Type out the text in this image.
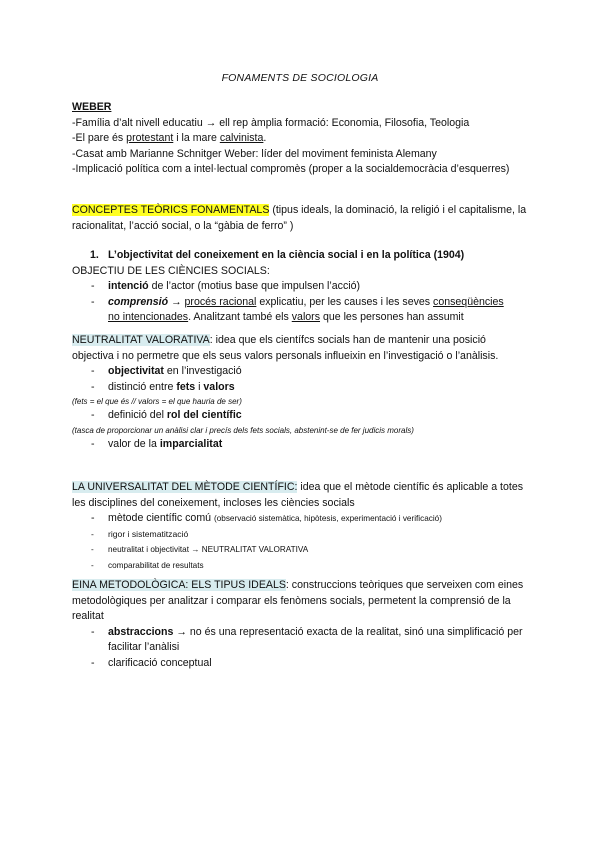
FONAMENTS DE SOCIOLOGIA
WEBER
-Família d’alt nivell educatiu → ell rep àmplia formació: Economia, Filosofia, Teologia
-El pare és protestant i la mare calvinista.
-Casat amb Marianne Schnitger Weber: líder del moviment feminista Alemany
-Implicació política com a intel·lectual compromès (proper a la socialdemocràcia d’esquerres)
CONCEPTES TEÒRICS FONAMENTALS (tipus ideals, la dominació, la religió i el capitalisme, la racionalitat, l’acció social, o la “gàbia de ferro” )
1. L’objectivitat del coneixement en la ciència social i en la política (1904)
OBJECTIU DE LES CIÈNCIES SOCIALS:
- intenció de l’actor (motius base que impulsen l’acció)
- comprensió → procés racional explicatiu, per les causes i les seves conseqüències
no intencionades. Analitzant també els valors que les persones han assumit
NEUTRALITAT VALORATIVA: idea que els científcs socials han de mantenir una posició objectiva i no permetre que els seus valors personals influeixin en l’investigació o l’anàlisis.
- objectivitat en l’investigació
- distinció entre fets i valors
(fets = el que és // valors = el que hauria de ser)
- definició del rol del científic
(tasca de proporcionar un anàlisi clar i precís dels fets socials, abstenint-se de fer judicis morals)
- valor de la imparcialitat
LA UNIVERSALITAT DEL MÈTODE CIENTÍFIC: idea que el mètode científic és aplicable a totes les disciplines del coneixement, incloses les ciències socials
- mètode científic comú (observació sistemàtica, hipòtesis, experimentació i verificació)
- rigor i sistematització
- neutralitat i objectivitat → NEUTRALITAT VALORATIVA
- comparabilitat de resultats
EINA METODOLÒGICA: ELS TIPUS IDEALS: construccions teòriques que serveixen com eines metodològiques per analitzar i comparar els fenòmens socials, permetent la comprensió de la realitat
- abstraccions → no és una representació exacta de la realitat, sinó una simplificació per facilitar l’anàlisi
- clarificació conceptual
